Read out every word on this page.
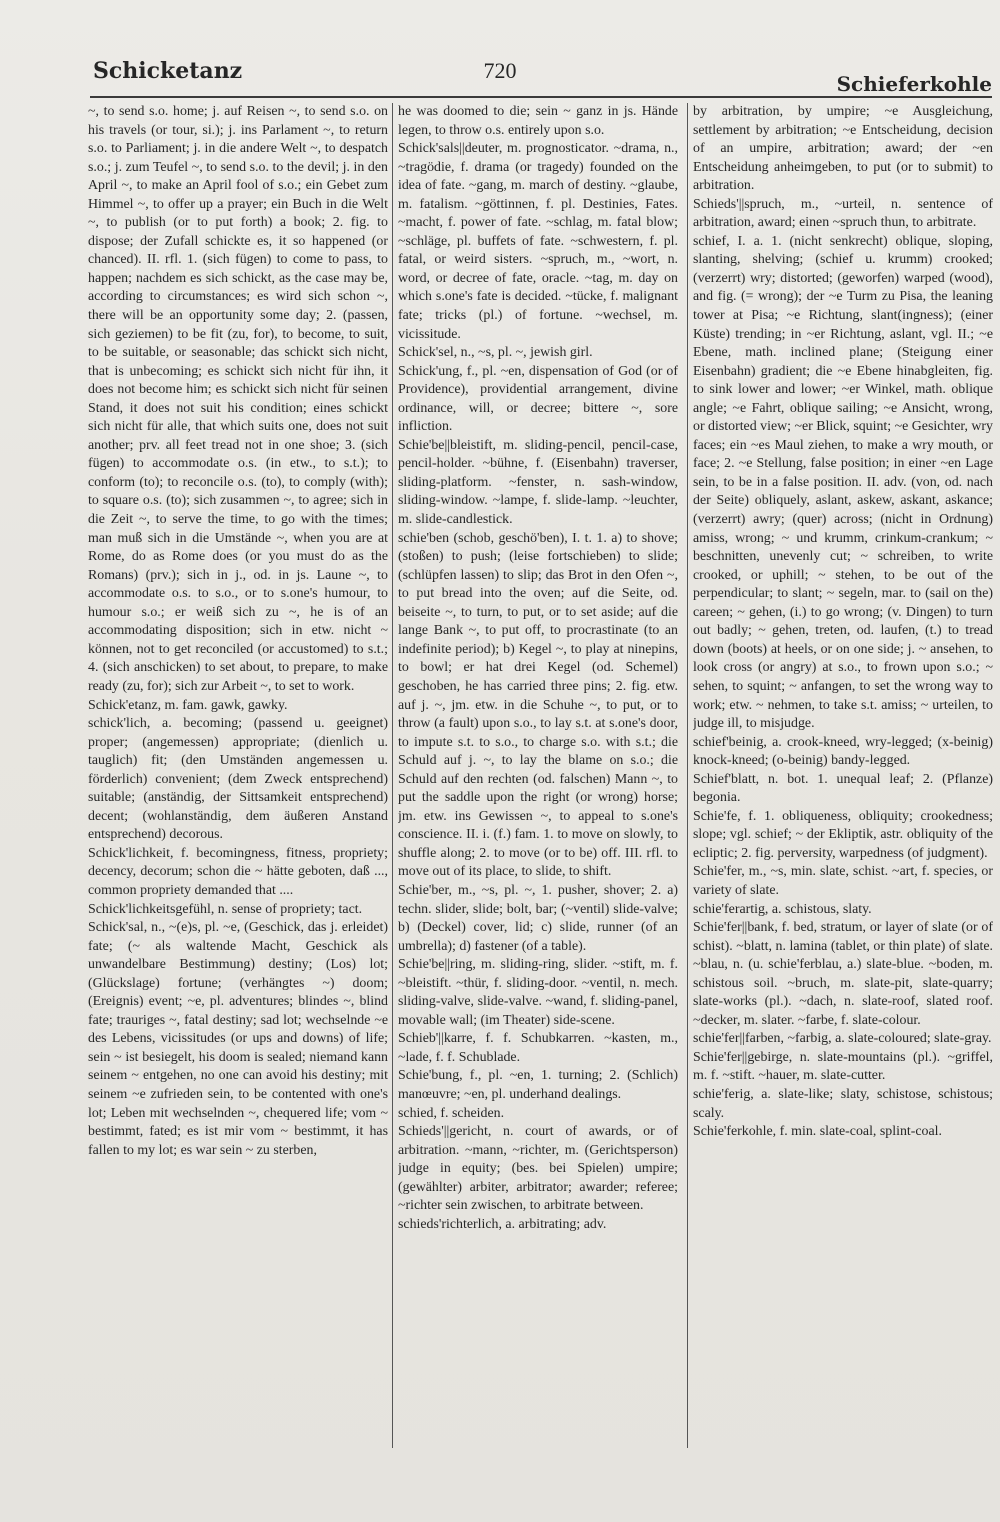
Schicketanz	720
Schieferkohle

~, to send s.o. home; j. auf Reisen ~, to send s.o. on his travels (or tour, si.); j. ins Parlament ~, to return s.o. to Parliament; j. in die andere Welt ~, to despatch s.o.; j. zum Teufel ~, to send s.o. to the devil; j. in den April ~, to make an April fool of s.o.; ein Gebet zum Himmel ~, to offer up a prayer; ein Buch in die Welt ~, to publish (or to put forth) a book; 2. fig. to dispose; der Zufall schickte es, it so happened (or chanced). II. rfl. 1. (sich fügen) to come to pass, to happen; nachdem es sich schickt, as the case may be, according to circumstances; es wird sich schon ~, there will be an opportunity some day; 2. (passen, sich geziemen) to be fit (zu, for), to become, to suit, to be suitable, or seasonable; das schickt sich nicht, that is unbecoming; es schickt sich nicht für ihn, it does not become him; es schickt sich nicht für seinen Stand, it does not suit his condition; eines schickt sich nicht für alle, that which suits one, does not suit another; prv. all feet tread not in one shoe; 3. (sich fügen) to accommodate o.s. (in etw., to s.t.); to conform (to); to reconcile o.s. (to), to comply (with); to square o.s. (to); sich zusammen ~, to agree; sich in die Zeit ~, to serve the time, to go with the times; man muß sich in die Umstände ~, when you are at Rome, do as Rome does (or you must do as the Romans) (prv.); sich in j., od. in js. Laune ~, to accommodate o.s. to s.o., or to s.one's humour, to humour s.o.; er weiß sich zu ~, he is of an accommodating disposition; sich in etw. nicht ~ können, not to get reconciled (or accustomed) to s.t.; 4. (sich anschicken) to set about, to prepare, to make ready (zu, for); sich zur Arbeit ~, to set to work.

Schick'etanz, m. fam. gawk, gawky.

schick'lich, a. becoming; (passend u. geeignet) proper; (angemessen) appropriate; (dienlich u. tauglich) fit; (den Umständen angemessen u. förderlich) convenient; (dem Zweck entsprechend) suitable; (anständig, der Sittsamkeit entsprechend) decent; (wohlanständig, dem äußeren Anstand entsprechend) decorous.

Schick'lichkeit, f. becomingness, fitness, propriety; decency, decorum; schon die ~ hätte geboten, daß ..., common propriety demanded that ....

Schick'lichkeitsgefühl, n. sense of propriety; tact.

Schick'sal, n., ~(e)s, pl. ~e, (Geschick, das j. erleidet) fate; (~ als waltende Macht, Geschick als unwandelbare Bestimmung) destiny; (Los) lot; (Glückslage) fortune; (verhängtes ~) doom; (Ereignis) event; ~e, pl. adventures; blindes ~, blind fate; trauriges ~, fatal destiny; sad lot; wechselnde ~e des Lebens, vicissitudes (or ups and downs) of life; sein ~ ist besiegelt, his doom is sealed; niemand kann seinem ~ entgehen, no one can avoid his destiny; mit seinem ~e zufrieden sein, to be contented with one's lot; Leben mit wechselnden ~, chequered life; vom ~ bestimmt, fated; es ist mir vom ~ bestimmt, it has fallen to my lot; es war sein ~ zu sterben,

he was doomed to die; sein ~ ganz in js. Hände legen, to throw o.s. entirely upon s.o.

Schick'sals||deuter, m. prognosticator. ~drama, n., ~tragödie, f. drama (or tragedy) founded on the idea of fate. ~gang, m. march of destiny. ~glaube, m. fatalism. ~göttinnen, f. pl. Destinies, Fates. ~macht, f. power of fate. ~schlag, m. fatal blow; ~schläge, pl. buffets of fate. ~schwestern, f. pl. fatal, or weird sisters. ~spruch, m., ~wort, n. word, or decree of fate, oracle. ~tag, m. day on which s.one's fate is decided. ~tücke, f. malignant fate; tricks (pl.) of fortune. ~wechsel, m. vicissitude.

Schick'sel, n., ~s, pl. ~, jewish girl.

Schick'ung, f., pl. ~en, dispensation of God (or of Providence), providential arrangement, divine ordinance, will, or decree; bittere ~, sore infliction.

Schie'be||bleistift, m. sliding-pencil, pencil-case, pencil-holder. ~bühne, f. (Eisenbahn) traverser, sliding-platform. ~fenster, n. sash-window, sliding-window. ~lampe, f. slide-lamp. ~leuchter, m. slide-candlestick.

schie'ben (schob, geschö'ben), I. t. 1. a) to shove; (stoßen) to push; (leise fortschieben) to slide; (schlüpfen lassen) to slip; das Brot in den Ofen ~, to put bread into the oven; auf die Seite, od. beiseite ~, to turn, to put, or to set aside; auf die lange Bank ~, to put off, to procrastinate (to an indefinite period); b) Kegel ~, to play at ninepins, to bowl; er hat drei Kegel (od. Schemel) geschoben, he has carried three pins; 2. fig. etw. auf j. ~, jm. etw. in die Schuhe ~, to put, or to throw (a fault) upon s.o., to lay s.t. at s.one's door, to impute s.t. to s.o., to charge s.o. with s.t.; die Schuld auf j. ~, to lay the blame on s.o.; die Schuld auf den rechten (od. falschen) Mann ~, to put the saddle upon the right (or wrong) horse; jm. etw. ins Gewissen ~, to appeal to s.one's conscience. II. i. (f.) fam. 1. to move on slowly, to shuffle along; 2. to move (or to be) off. III. rfl. to move out of its place, to slide, to shift.

Schie'ber, m., ~s, pl. ~, 1. pusher, shover; 2. a) techn. slider, slide; bolt, bar; (~ventil) slide-valve; b) (Deckel) cover, lid; c) slide, runner (of an umbrella); d) fastener (of a table).

Schie'be||ring, m. sliding-ring, slider. ~stift, m. f. ~bleistift. ~thür, f. sliding-door. ~ventil, n. mech. sliding-valve, slide-valve. ~wand, f. sliding-panel, movable wall; (im Theater) side-scene.

Schieb'||karre, f. f. Schubkarren. ~kasten, m., ~lade, f. f. Schublade.

Schie'bung, f., pl. ~en, 1. turning; 2. (Schlich) manœuvre; ~en, pl. underhand dealings.

schied, f. scheiden.

Schieds'||gericht, n. court of awards, or of arbitration. ~mann, ~richter, m. (Gerichtsperson) judge in equity; (bes. bei Spielen) umpire; (gewählter) arbiter, arbitrator; awarder; referee; ~richter sein zwischen, to arbitrate between.

schieds'richterlich, a. arbitrating; adv.

by arbitration, by umpire; ~e Ausgleichung, settlement by arbitration; ~e Entscheidung, decision of an umpire, arbitration; award; der ~en Entscheidung anheimgeben, to put (or to submit) to arbitration.

Schieds'||spruch, m., ~urteil, n. sentence of arbitration, award; einen ~spruch thun, to arbitrate.

schief, I. a. 1. (nicht senkrecht) oblique, sloping, slanting, shelving; (schief u. krumm) crooked; (verzerrt) wry; distorted; (geworfen) warped (wood), and fig. (= wrong); der ~e Turm zu Pisa, the leaning tower at Pisa; ~e Richtung, slant(ingness); (einer Küste) trending; in ~er Richtung, aslant, vgl. II.; ~e Ebene, math. inclined plane; (Steigung einer Eisenbahn) gradient; die ~e Ebene hinabgleiten, fig. to sink lower and lower; ~er Winkel, math. oblique angle; ~e Fahrt, oblique sailing; ~e Ansicht, wrong, or distorted view; ~er Blick, squint; ~e Gesichter, wry faces; ein ~es Maul ziehen, to make a wry mouth, or face; 2. ~e Stellung, false position; in einer ~en Lage sein, to be in a false position. II. adv. (von, od. nach der Seite) obliquely, aslant, askew, askant, askance; (verzerrt) awry; (quer) across; (nicht in Ordnung) amiss, wrong; ~ und krumm, crinkum-crankum; ~ beschnitten, unevenly cut; ~ schreiben, to write crooked, or uphill; ~ stehen, to be out of the perpendicular; to slant; ~ segeln, mar. to (sail on the) careen; ~ gehen, (i.) to go wrong; (v. Dingen) to turn out badly; ~ gehen, treten, od. laufen, (t.) to tread down (boots) at heels, or on one side; j. ~ ansehen, to look cross (or angry) at s.o., to frown upon s.o.; ~ sehen, to squint; ~ anfangen, to set the wrong way to work; etw. ~ nehmen, to take s.t. amiss; ~ urteilen, to judge ill, to misjudge.

schief'beinig, a. crook-kneed, wry-legged; (x-beinig) knock-kneed; (o-beinig) bandy-legged.

Schief'blatt, n. bot. 1. unequal leaf; 2. (Pflanze) begonia.

Schie'fe, f. 1. obliqueness, obliquity; crookedness; slope; vgl. schief; ~ der Ekliptik, astr. obliquity of the ecliptic; 2. fig. perversity, warpedness (of judgment).

Schie'fer, m., ~s, min. slate, schist. ~art, f. species, or variety of slate.

schie'ferartig, a. schistous, slaty.

Schie'fer||bank, f. bed, stratum, or layer of slate (or of schist). ~blatt, n. lamina (tablet, or thin plate) of slate. ~blau, n. (u. schie'ferblau, a.) slate-blue. ~boden, m. schistous soil. ~bruch, m. slate-pit, slate-quarry; slate-works (pl.). ~dach, n. slate-roof, slated roof. ~decker, m. slater. ~farbe, f. slate-colour.

schie'fer||farben, ~farbig, a. slate-coloured; slate-gray.

Schie'fer||gebirge, n. slate-mountains (pl.). ~griffel, m. f. ~stift. ~hauer, m. slate-cutter.

schie'ferig, a. slate-like; slaty, schistose, schistous; scaly.

Schie'ferkohle, f. min. slate-coal, splint-coal.
